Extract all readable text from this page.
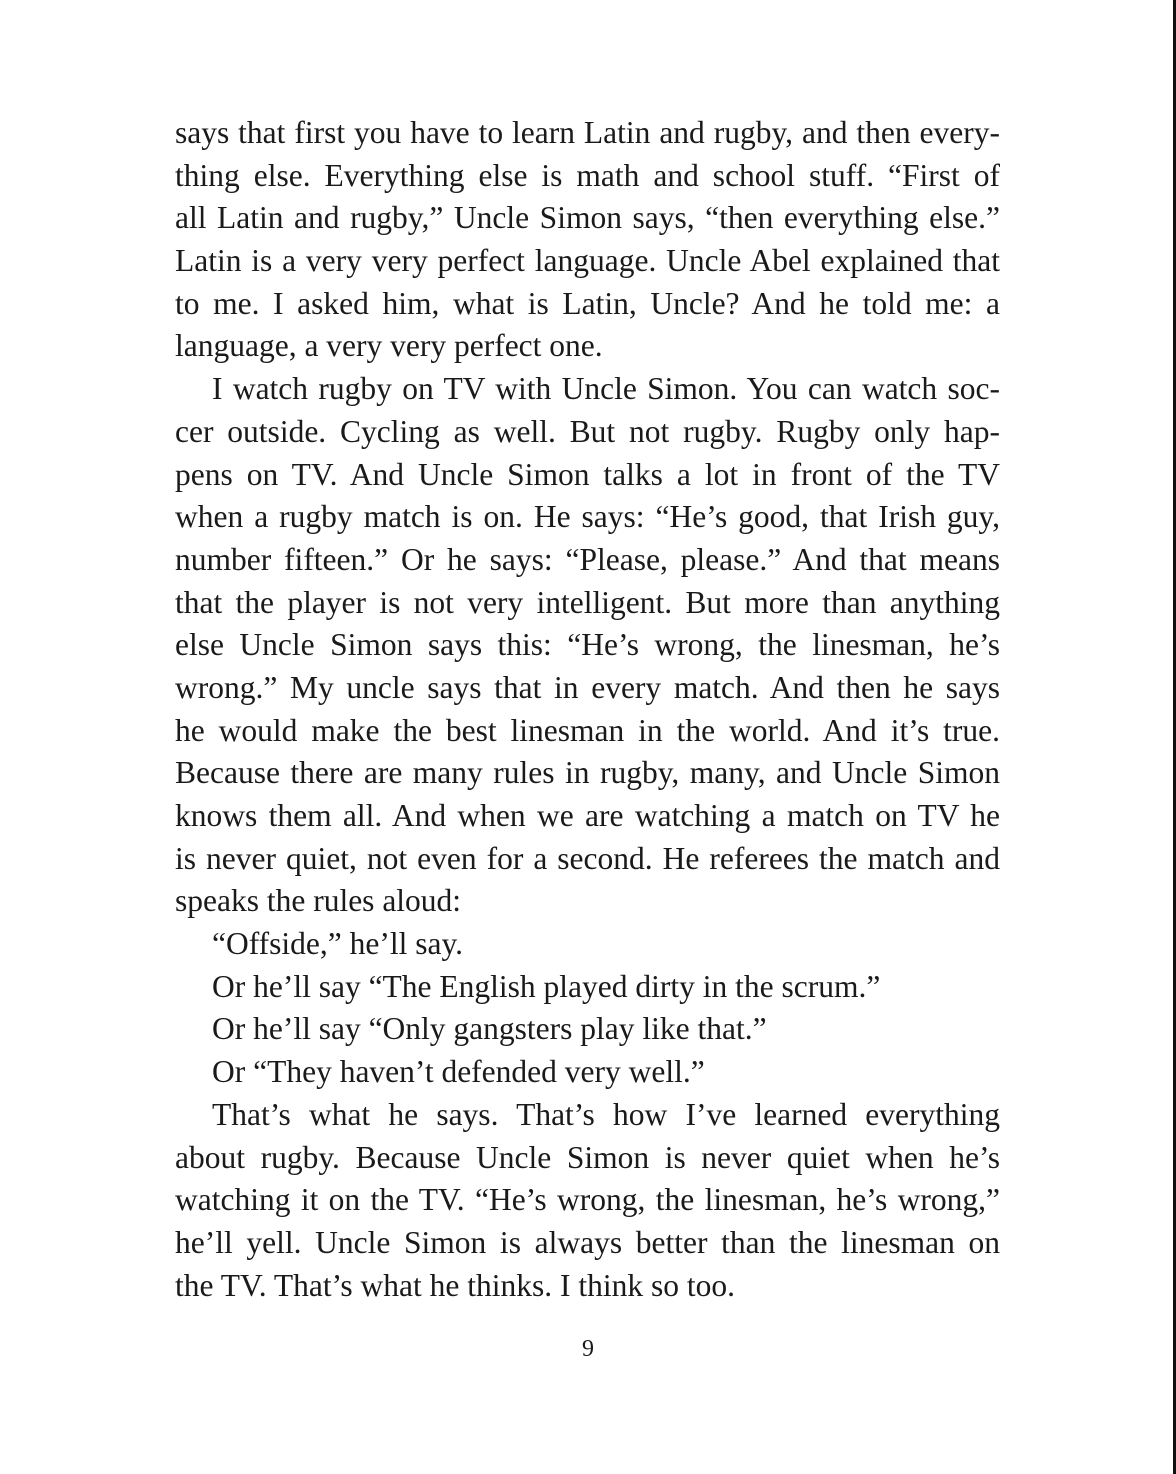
says that first you have to learn Latin and rugby, and then every-
thing else. Everything else is math and school stuff. “First of
all Latin and rugby,” Uncle Simon says, “then everything else.”
Latin is a very very perfect language. Uncle Abel explained that
to me. I asked him, what is Latin, Uncle? And he told me: a
language, a very very perfect one.
I watch rugby on TV with Uncle Simon. You can watch soc-
cer outside. Cycling as well. But not rugby. Rugby only hap-
pens on TV. And Uncle Simon talks a lot in front of the TV
when a rugby match is on. He says: “He’s good, that Irish guy,
number fifteen.” Or he says: “Please, please.” And that means
that the player is not very intelligent. But more than anything
else Uncle Simon says this: “He’s wrong, the linesman, he’s
wrong.” My uncle says that in every match. And then he says
he would make the best linesman in the world. And it’s true.
Because there are many rules in rugby, many, and Uncle Simon
knows them all. And when we are watching a match on TV he
is never quiet, not even for a second. He referees the match and
speaks the rules aloud:
“Offside,” he’ll say.
Or he’ll say “The English played dirty in the scrum.”
Or he’ll say “Only gangsters play like that.”
Or “They haven’t defended very well.”
That’s what he says. That’s how I’ve learned everything
about rugby. Because Uncle Simon is never quiet when he’s
watching it on the TV. “He’s wrong, the linesman, he’s wrong,”
he’ll yell. Uncle Simon is always better than the linesman on
the TV. That’s what he thinks. I think so too.
9
